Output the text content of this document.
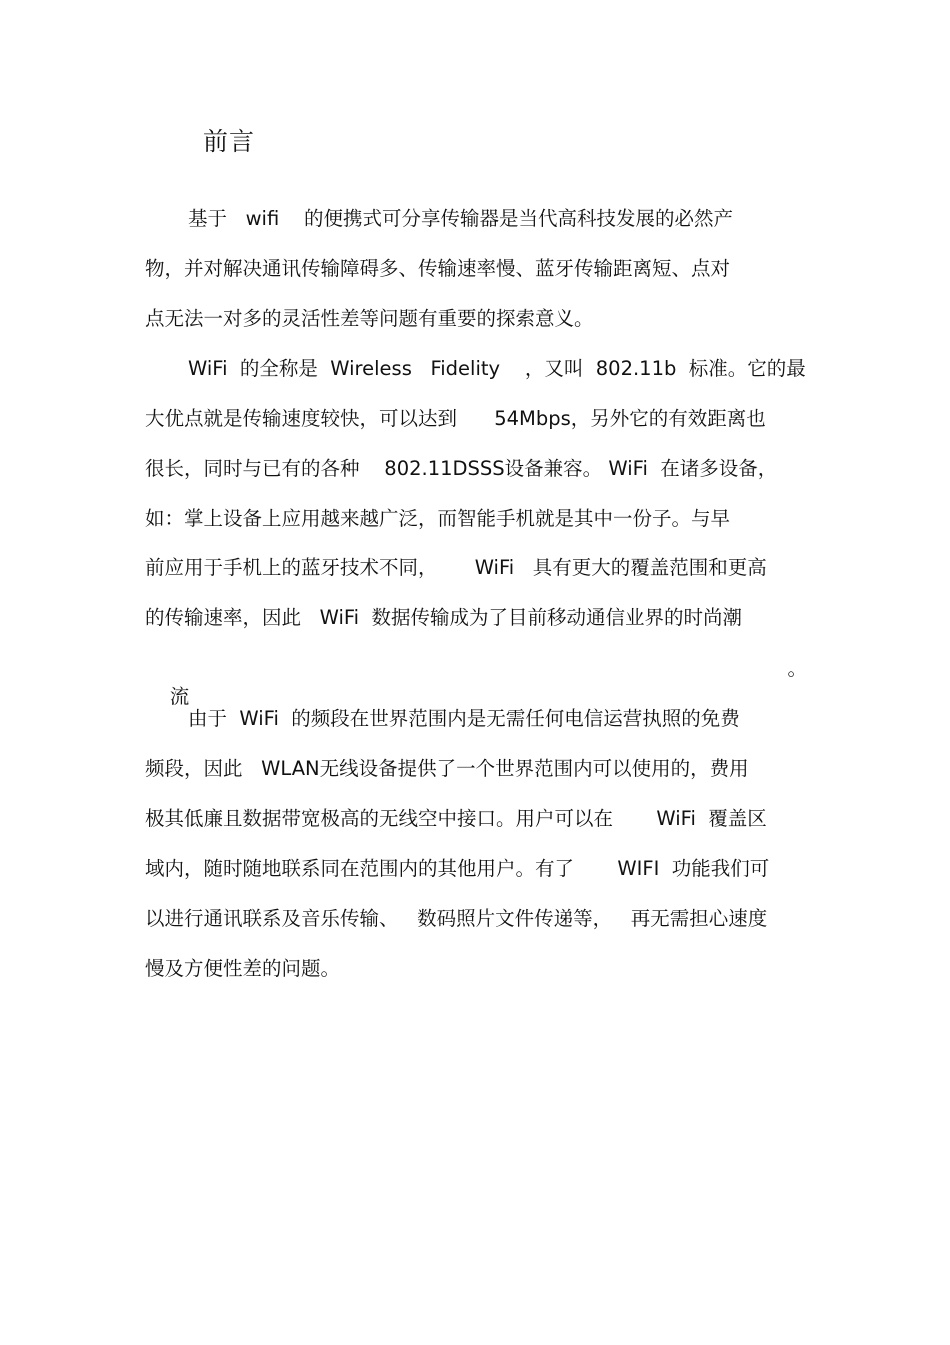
前言
基于   wifi    的便携式可分享传输器是当代高科技发展的必然产
物，并对解决通讯传输障碍多、传输速率慢、蓝牙传输距离短、点对
点无法一对多的灵活性差等问题有重要的探索意义。
WiFi  的全称是  Wireless   Fidelity    ，又叫  802.11b  标准。它的最
大优点就是传输速度较快，可以达到      54Mbps，另外它的有效距离也
很长，同时与已有的各种    802.11DSSS设备兼容。 WiFi  在诸多设备，
如：掌上设备上应用越来越广泛，而智能手机就是其中一份子。与早
前应用于手机上的蓝牙技术不同，      WiFi   具有更大的覆盖范围和更高
的传输速率，因此   WiFi  数据传输成为了目前移动通信业界的时尚潮

流
。

由于  WiFi  的频段在世界范围内是无需任何电信运营执照的免费
频段，因此   WLAN无线设备提供了一个世界范围内可以使用的，费用
极其低廉且数据带宽极高的无线空中接口。用户可以在       WiFi  覆盖区
域内，随时随地联系同在范围内的其他用户。有了       WIFI  功能我们可
以进行通讯联系及音乐传输、   数码照片文件传递等，   再无需担心速度
慢及方便性差的问题。
